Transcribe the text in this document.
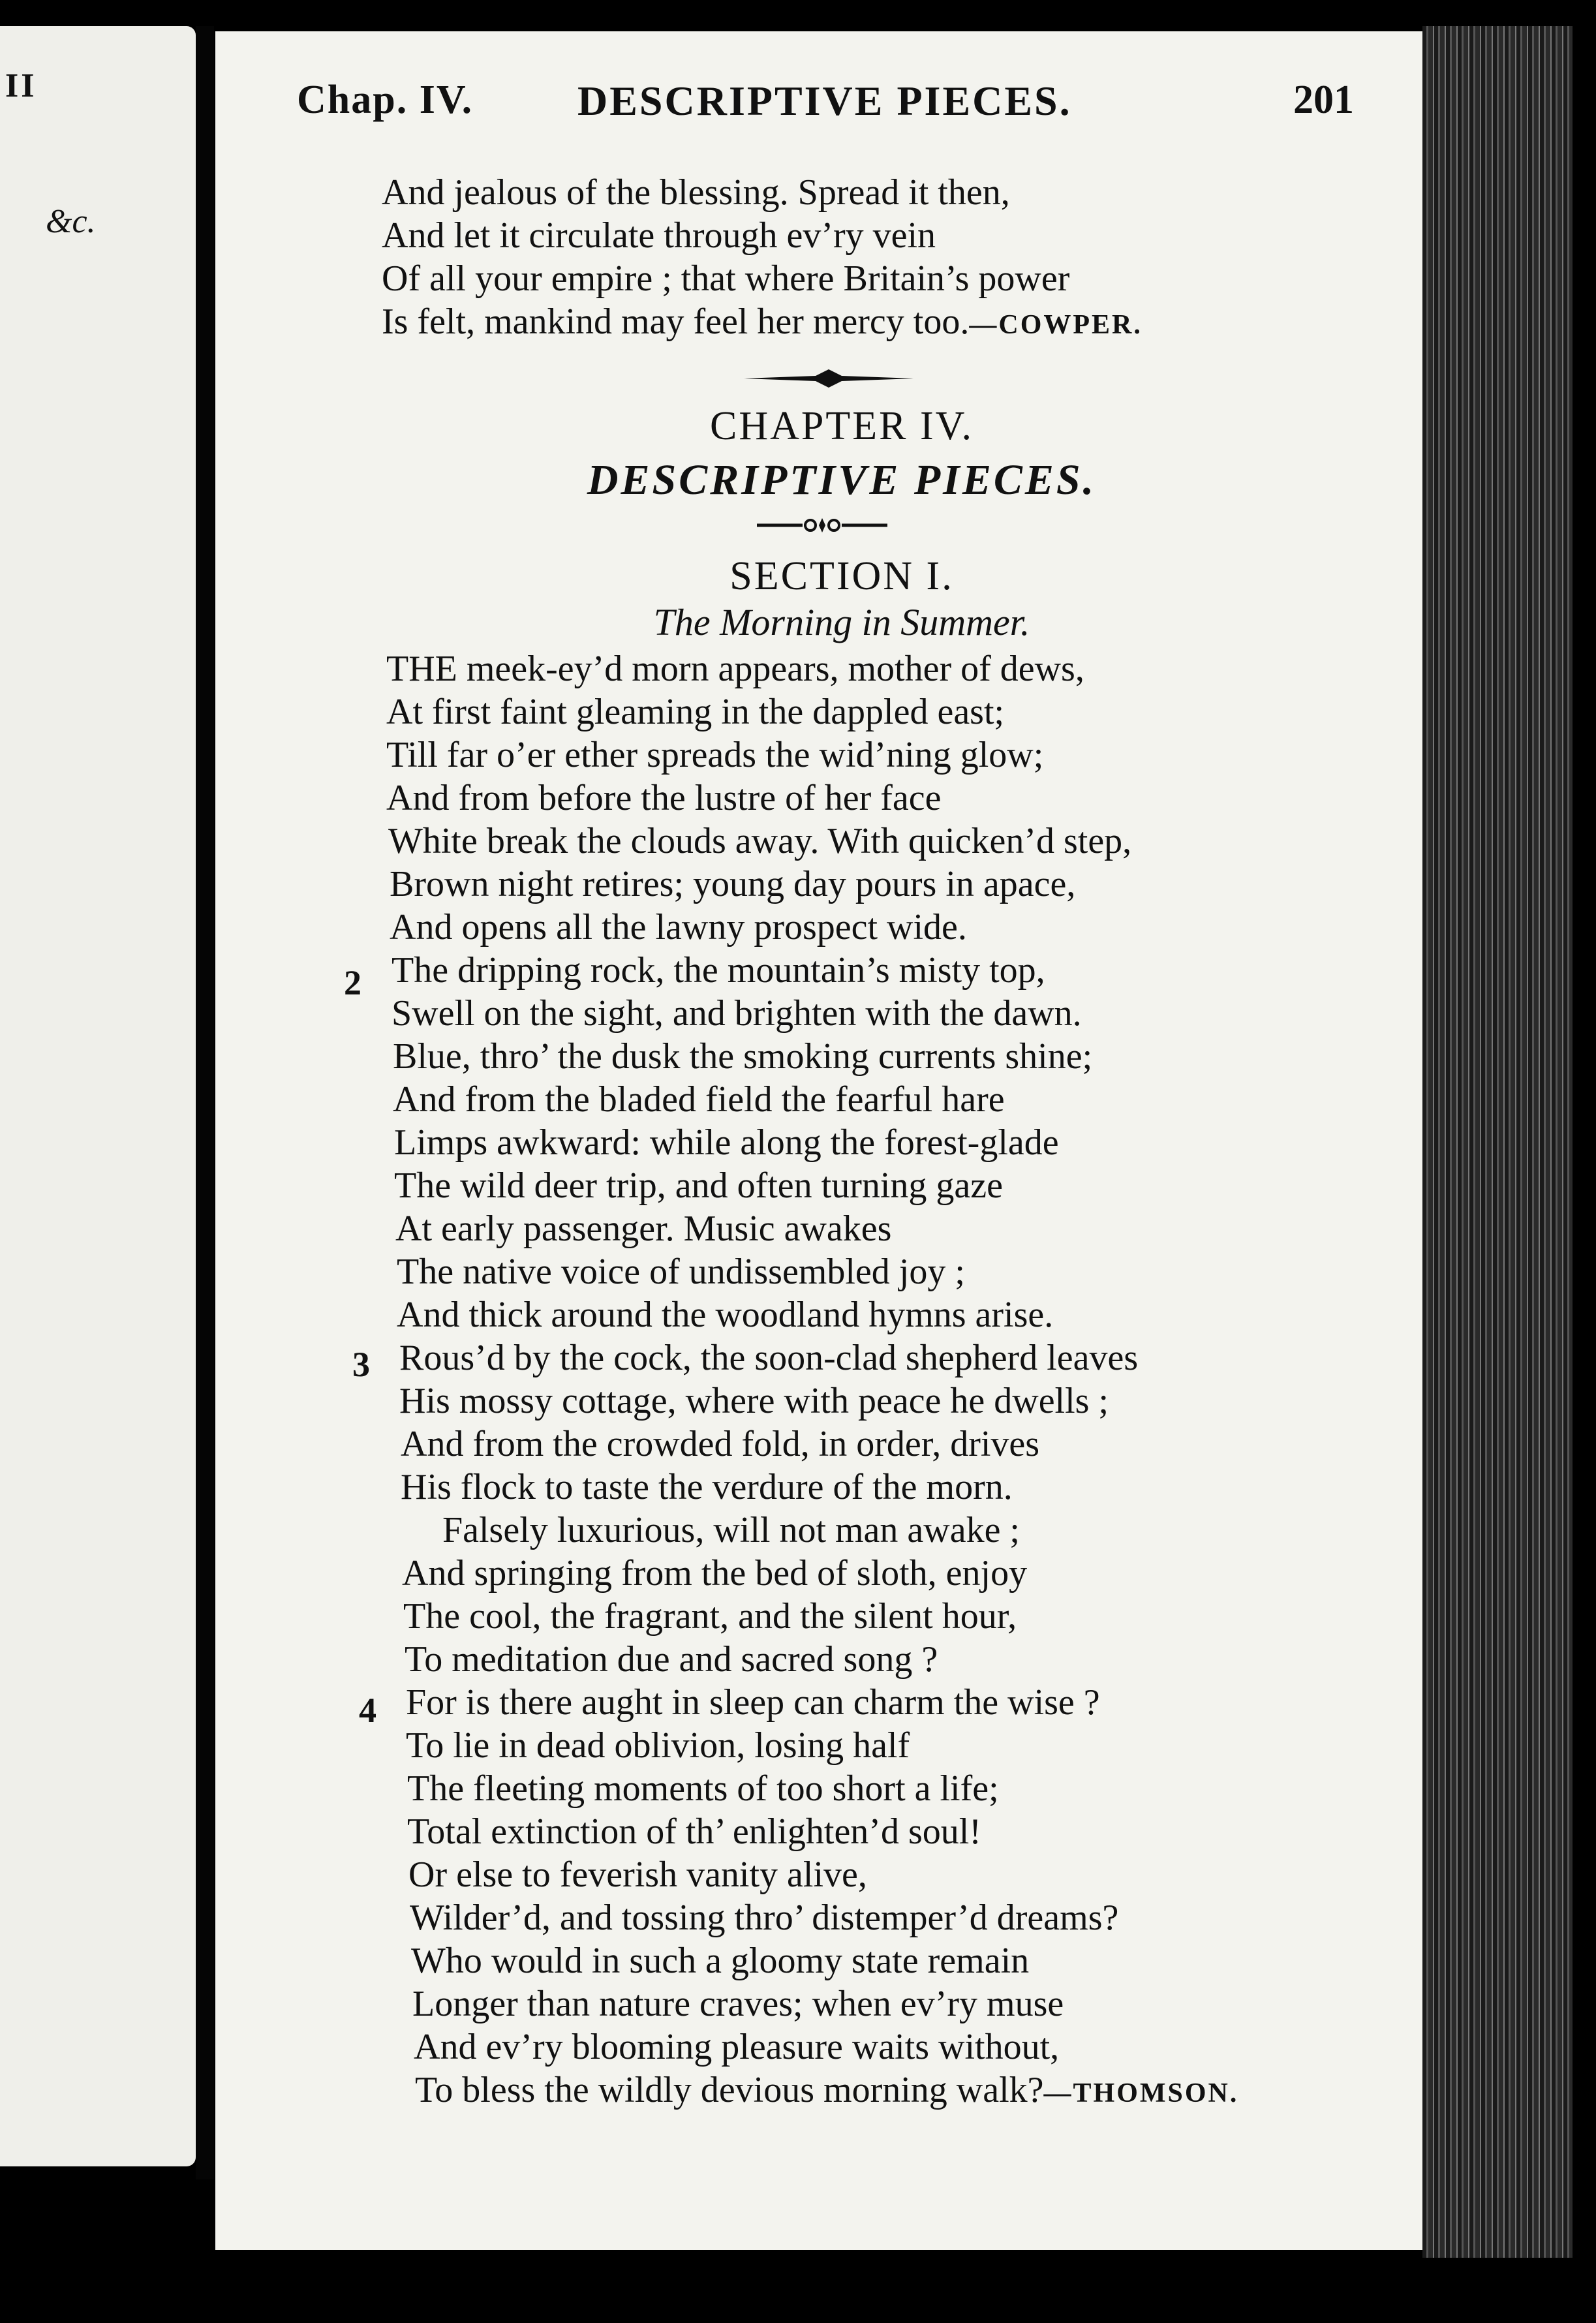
II
&c.
Chap. IV. DESCRIPTIVE PIECES.	201
And jealous of the blessing. Spread it then,
And let it circulate through ev’ry vein
Of all your empire ; that where Britain’s power
Is felt, mankind may feel her mercy too.—COWPER.
CHAPTER IV.
DESCRIPTIVE PIECES.
SECTION I.
The Morning in Summer.
2
3
4
THE meek-ey’d morn appears, mother of dews,
At first faint gleaming in the dappled east;
Till far o’er ether spreads the wid’ning glow;
And from before the lustre of her face
White break the clouds away. With quicken’d step,
Brown night retires; young day pours in apace,
And opens all the lawny prospect wide.
The dripping rock, the mountain’s misty top,
Swell on the sight, and brighten with the dawn.
Blue, thro’ the dusk the smoking currents shine;
And from the bladed field the fearful hare
Limps awkward: while along the forest-glade
The wild deer trip, and often turning gaze
At early passenger. Music awakes
The native voice of undissembled joy ;
And thick around the woodland hymns arise.
Rous’d by the cock, the soon-clad shepherd leaves
His mossy cottage, where with peace he dwells ;
And from the crowded fold, in order, drives
His flock to taste the verdure of the morn.
Falsely luxurious, will not man awake ;
And springing from the bed of sloth, enjoy
The cool, the fragrant, and the silent hour,
To meditation due and sacred song ?
For is there aught in sleep can charm the wise ?
To lie in dead oblivion, losing half
The fleeting moments of too short a life;
Total extinction of th’ enlighten’d soul!
Or else to feverish vanity alive,
Wilder’d, and tossing thro’ distemper’d dreams?
Who would in such a gloomy state remain
Longer than nature craves; when ev’ry muse
And ev’ry blooming pleasure waits without,
To bless the wildly devious morning walk?—THOMSON.
